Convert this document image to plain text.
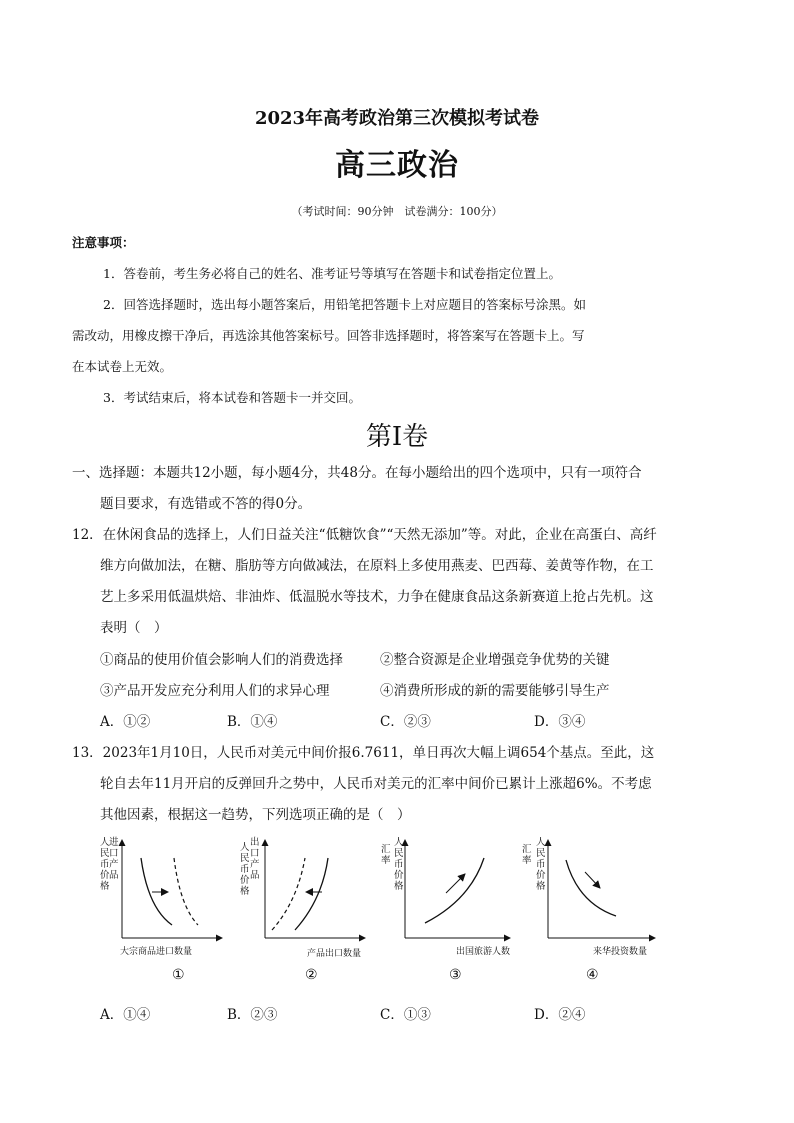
2023年高考政治第三次模拟考试卷
高三政治
（考试时间：90分钟　试卷满分：100分）
注意事项：
1．答卷前，考生务必将自己的姓名、准考证号等填写在答题卡和试卷指定位置上。
2．回答选择题时，选出每小题答案后，用铅笔把答题卡上对应题目的答案标号涂黑。如
需改动，用橡皮擦干净后，再选涂其他答案标号。回答非选择题时，将答案写在答题卡上。写
在本试卷上无效。
3．考试结束后，将本试卷和答题卡一并交回。
第Ⅰ卷
一、选择题：本题共12小题，每小题4分，共48分。在每小题给出的四个选项中，只有一项符合
题目要求，有选错或不答的得0分。
12．在休闲食品的选择上，人们日益关注“低糖饮食”“天然无添加”等。对此，企业在高蛋白、高纤
维方向做加法，在糖、脂肪等方向做减法，在原料上多使用燕麦、巴西莓、姜黄等作物，在工
艺上多采用低温烘焙、非油炸、低温脱水等技术，力争在健康食品这条新赛道上抢占先机。这
表明（　）
①商品的使用价值会影响人们的消费选择	②整合资源是企业增强竞争优势的关键
③产品开发应充分利用人们的求异心理	④消费所形成的新的需要能够引导生产
A．①②	B．①④	C．②③	D．③④
13．2023年1月10日，人民币对美元中间价报6.7611，单日再次大幅上调654个基点。至此，这
轮自去年11月开启的反弹回升之势中，人民币对美元的汇率中间价已累计上涨超6%。不考虑
其他因素，根据这一趋势，下列选项正确的是（　）
人
民
币
价
格
进
口
产
品
大宗商品进口数量
①
人
民
币
价
格
出
口
产
品
产品出口数量
②
汇
率
人
民
币
价
格
出国旅游人数
③
汇
率
人
民
币
价
格
来华投资数量
④
A．①④	B．②③	C．①③	D．②④
